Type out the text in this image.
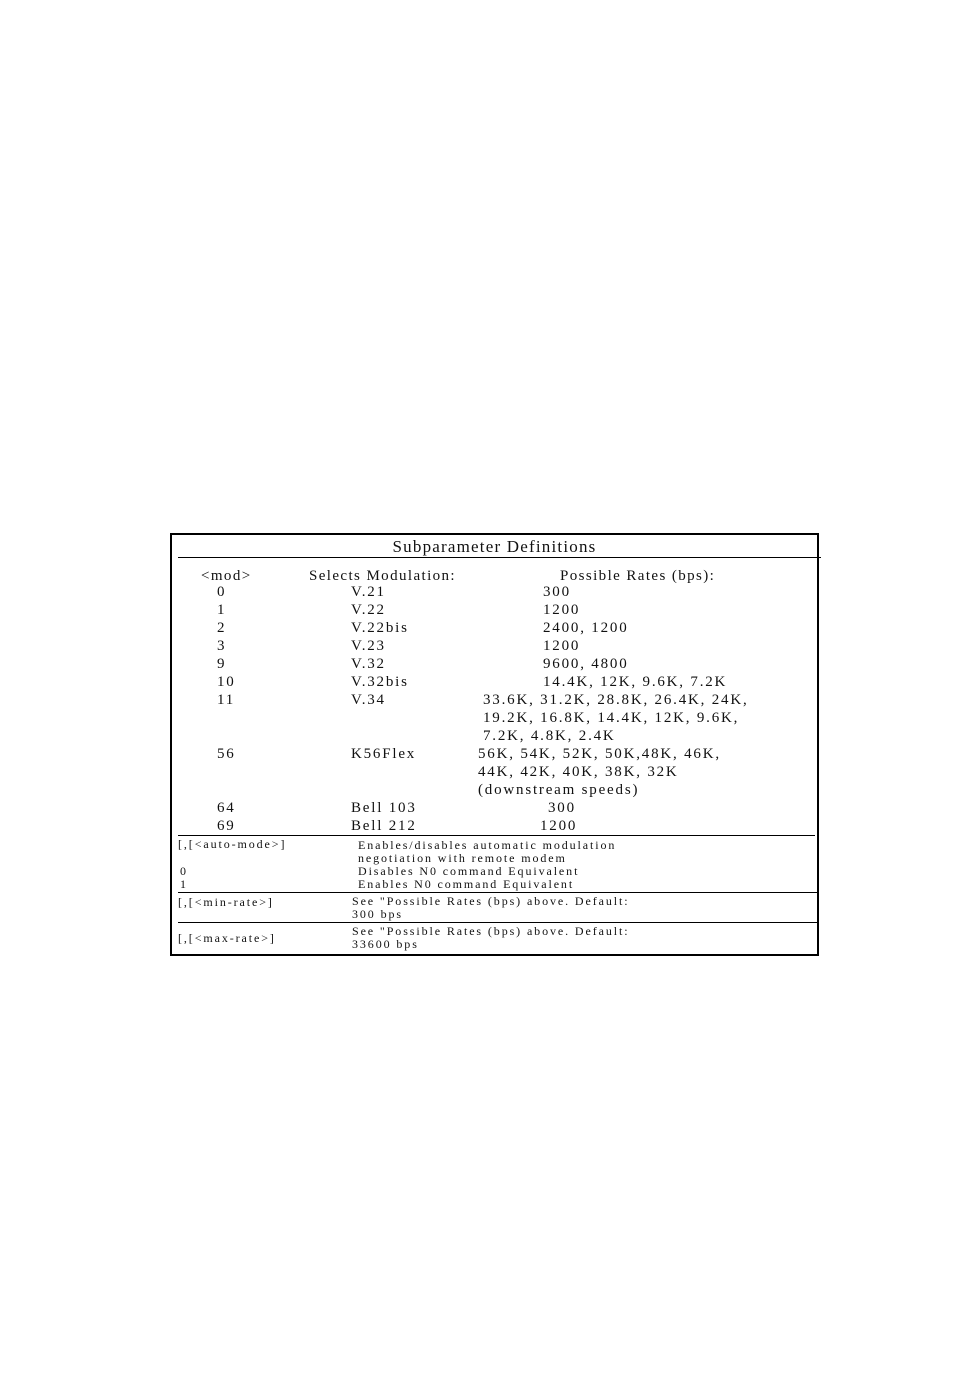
Subparameter Definitions
<mod>	Selects Modulation:	Possible Rates (bps):
0	V.21	300
1	V.22	1200
2	V.22bis	2400, 1200
3	V.23	1200
9	V.32	9600, 4800
10	V.32bis	14.4K, 12K, 9.6K, 7.2K
11	V.34	33.6K, 31.2K, 28.8K, 26.4K, 24K,
19.2K, 16.8K, 14.4K, 12K, 9.6K,
7.2K, 4.8K, 2.4K
56	K56Flex	56K, 54K, 52K, 50K,48K, 46K,
44K, 42K, 40K, 38K, 32K
(downstream speeds)
64	Bell 103	300
69	Bell 212	1200
[,[<auto-mode>]	Enables/disables automatic modulation
negotiation with remote modem
0	Disables N0 command Equivalent
1	Enables N0 command Equivalent
[,[<min-rate>]	See "Possible Rates (bps) above. Default:
300 bps
[,[<max-rate>]	See "Possible Rates (bps) above. Default:
33600 bps
